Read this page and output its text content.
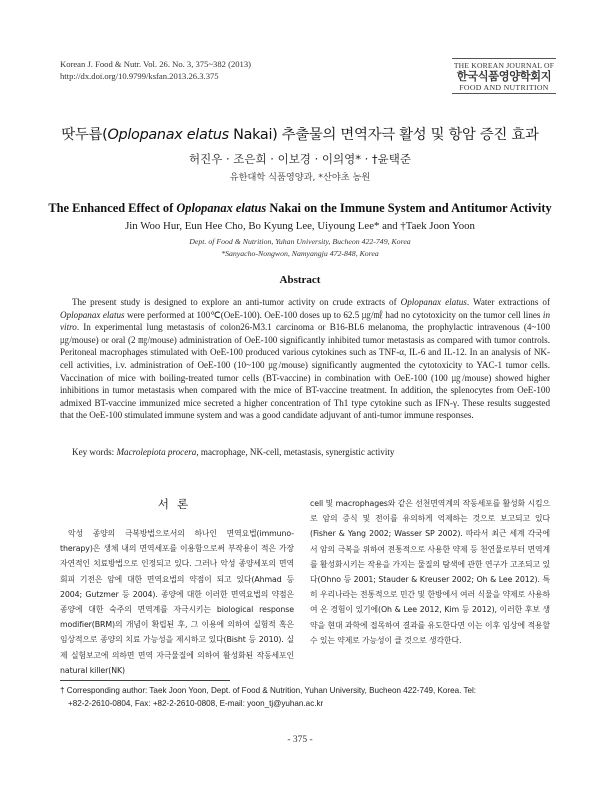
Korean J. Food & Nutr. Vol. 26. No. 3, 375~382 (2013)
http://dx.doi.org/10.9799/ksfan.2013.26.3.375
THE KOREAN JOURNAL OF
한국식품영양학회지
FOOD AND NUTRITION
땃두릅(Oplopanax elatus Nakai) 추출물의 면역자극 활성 및 항암 증진 효과
허진우 · 조은희 · 이보경 · 이의영* · †윤택준
유한대학 식품영양과, *산야초 농원
The Enhanced Effect of Oplopanax elatus Nakai on the Immune System and Antitumor Activity
Jin Woo Hur, Eun Hee Cho, Bo Kyung Lee, Uiyoung Lee* and †Taek Joon Yoon
Dept. of Food & Nutrition, Yuhan University, Bucheon 422-749, Korea
*Sanyacho-Nongwon, Namyangju 472-848, Korea
Abstract
The present study is designed to explore an anti-tumor activity on crude extracts of Oplopanax elatus. Water extractions of Oplopanax elatus were performed at 100℃(OeE-100). OeE-100 doses up to 62.5 ㎍/㎖ had no cytotoxicity on the tumor cell lines in vitro. In experimental lung metastasis of colon26-M3.1 carcinoma or B16-BL6 melanoma, the prophylactic intravenous (4~100 ㎍/mouse) or oral (2 ㎎/mouse) administration of OeE-100 significantly inhibited tumor metastasis as compared with tumor controls. Peritoneal macrophages stimulated with OeE-100 produced various cytokines such as TNF-α, IL-6 and IL-12. In an analysis of NK-cell activities, i.v. administration of OeE-100 (10~100 ㎍/mouse) significantly augmented the cytotoxicity to YAC-1 tumor cells. Vaccination of mice with boiling-treated tumor cells (BT-vaccine) in combination with OeE-100 (100 ㎍/mouse) showed higher inhibitions in tumor metastasis when compared with the mice of BT-vaccine treatment. In addition, the splenocytes from OeE-100 admixed BT-vaccine immunized mice secreted a higher concentration of Th1 type cytokine such as IFN-γ. These results suggested that the OeE-100 stimulated immune system and was a good candidate adjuvant of anti-tumor immune responses.
Key words: Macrolepiota procera, macrophage, NK-cell, metastasis, synergistic activity
서론
악성 종양의 극복방법으로서의 하나인 면역요법(immuno-therapy)은 생체 내의 면역세포를 이용함으로써 부작용이 적은 가장 자연적인 치료방법으로 인정되고 있다. 그러나 악성 종양세포의 면역회피 기전은 암에 대한 면역요법의 약점이 되고 있다(Ahmad 등 2004; Gutzmer 등 2004). 종양에 대한 이러한 면역요법의 약점은 종양에 대한 숙주의 면역계를 자극시키는 biological response modifier(BRM)의 개념이 확립된 후, 그 이용에 의하여 실험적 혹은 임상적으로 종양의 치료 가능성을 제시하고 있다(Bisht 등 2010). 실제 실험보고에 의하면 면역 자극물질에 의하여 활성화된 작동세포인 natural killer(NK)
cell 및 macrophages와 같은 선천면역계의 작동세포를 활성화 시킴으로 암의 증식 및 전이를 유의하게 억제하는 것으로 보고되고 있다(Fisher & Yang 2002; Wasser SP 2002). 따라서 최근 세계 각국에서 암의 극복을 위하여 전통적으로 사용한 약제 등 천연물로부터 면역계를 활성화시키는 작용을 가지는 물질의 탐색에 관한 연구가 고조되고 있다(Ohno 등 2001; Stauder & Kreuser 2002; Oh & Lee 2012). 특히 우리나라는 전통적으로 민간 및 한방에서 여러 식물을 약제로 사용하여 온 경험이 있기에(Oh & Lee 2012, Kim 등 2012), 이러한 후보 생약을 현대 과학에 접목하여 결과를 유도한다면 이는 이후 임상에 적용할 수 있는 약제로 가능성이 클 것으로 생각한다.
† Corresponding author: Taek Joon Yoon, Dept. of Food & Nutrition, Yuhan University, Bucheon 422-749, Korea. Tel:
+82-2-2610-0804, Fax: +82-2-2610-0808, E-mail: yoon_tj@yuhan.ac.kr
- 375 -
